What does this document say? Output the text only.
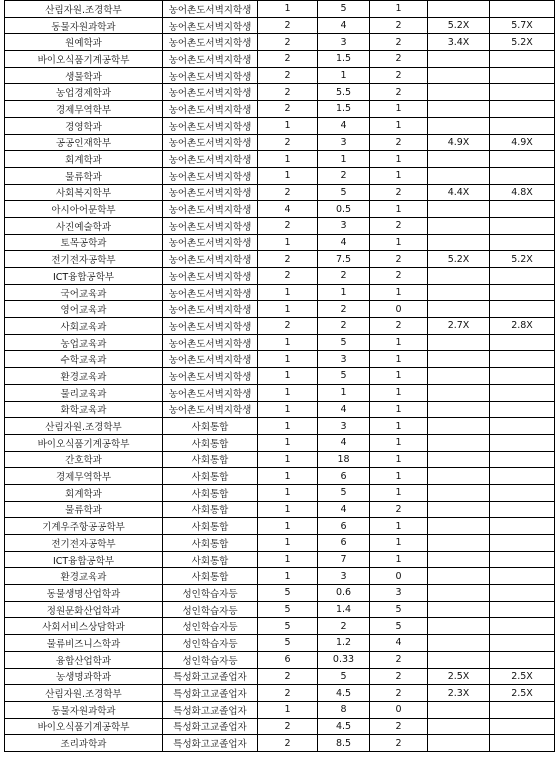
산림자원.조경학부	농어촌도서벽지학생	1	5	1		
동물자원과학과	농어촌도서벽지학생	2	4	2	5.2X	5.7X
원예학과	농어촌도서벽지학생	2	3	2	3.4X	5.2X
바이오식품기계공학부	농어촌도서벽지학생	2	1.5	2		
생물학과	농어촌도서벽지학생	2	1	2		
농업경제학과	농어촌도서벽지학생	2	5.5	2		
경제무역학부	농어촌도서벽지학생	2	1.5	1		
경영학과	농어촌도서벽지학생	1	4	1		
공공인재학부	농어촌도서벽지학생	2	3	2	4.9X	4.9X
회계학과	농어촌도서벽지학생	1	1	1		
물류학과	농어촌도서벽지학생	1	2	1		
사회복지학부	농어촌도서벽지학생	2	5	2	4.4X	4.8X
아시아어문학부	농어촌도서벽지학생	4	0.5	1		
사진예술학과	농어촌도서벽지학생	2	3	2		
토목공학과	농어촌도서벽지학생	1	4	1		
전기전자공학부	농어촌도서벽지학생	2	7.5	2	5.2X	5.2X
ICT융합공학부	농어촌도서벽지학생	2	2	2		
국어교육과	농어촌도서벽지학생	1	1	1		
영어교육과	농어촌도서벽지학생	1	2	0		
사회교육과	농어촌도서벽지학생	2	2	2	2.7X	2.8X
농업교육과	농어촌도서벽지학생	1	5	1		
수학교육과	농어촌도서벽지학생	1	3	1		
환경교육과	농어촌도서벽지학생	1	5	1		
물리교육과	농어촌도서벽지학생	1	1	1		
화학교육과	농어촌도서벽지학생	1	4	1		
산림자원.조경학부	사회통합	1	3	1		
바이오식품기계공학부	사회통합	1	4	1		
간호학과	사회통합	1	18	1		
경제무역학부	사회통합	1	6	1		
회계학과	사회통합	1	5	1		
물류학과	사회통합	1	4	2		
기계우주항공공학부	사회통합	1	6	1		
전기전자공학부	사회통합	1	6	1		
ICT융합공학부	사회통합	1	7	1		
환경교육과	사회통합	1	3	0		
동물생명산업학과	성인학습자등	5	0.6	3		
정원문화산업학과	성인학습자등	5	1.4	5		
사회서비스상담학과	성인학습자등	5	2	5		
물류비즈니스학과	성인학습자등	5	1.2	4		
융합산업학과	성인학습자등	6	0.33	2		
농생명과학과	특성화고교졸업자	2	5	2	2.5X	2.5X
산림자원.조경학부	특성화고교졸업자	2	4.5	2	2.3X	2.5X
동물자원과학과	특성화고교졸업자	1	8	0		
바이오식품기계공학부	특성화고교졸업자	2	4.5	2		
조리과학과	특성화고교졸업자	2	8.5	2		
